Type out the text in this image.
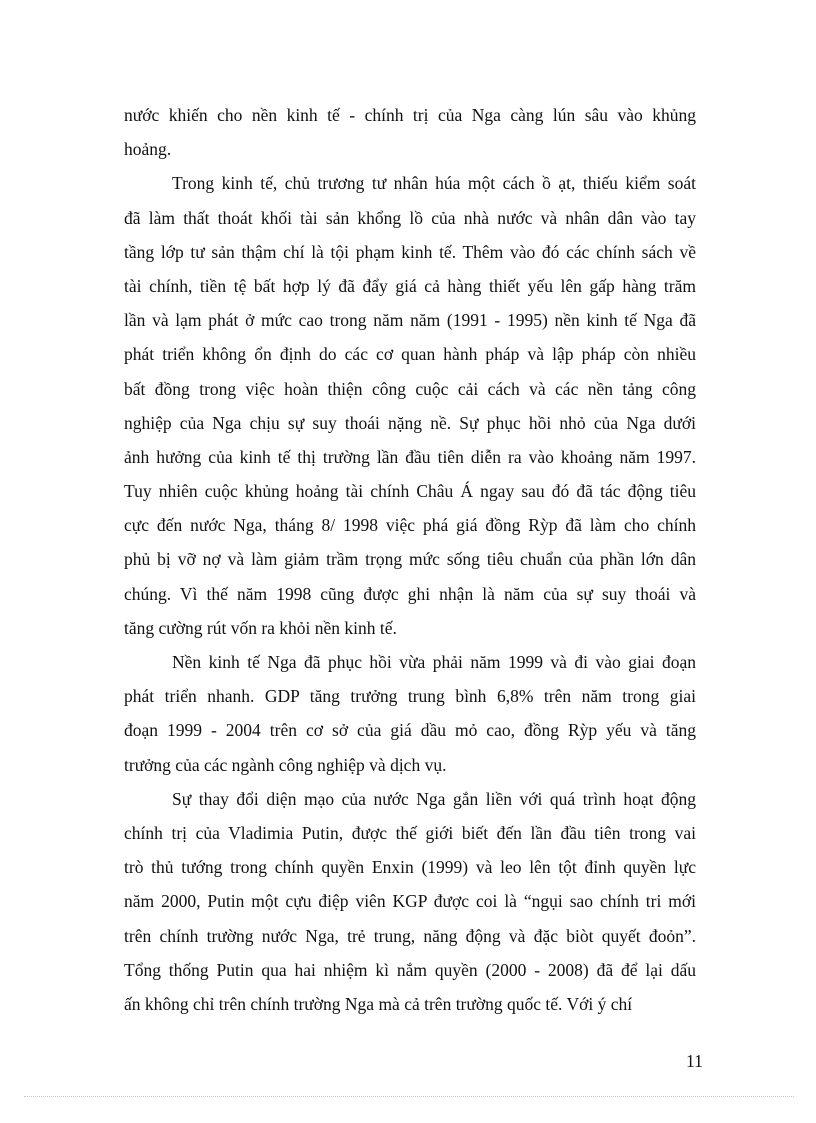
nước khiến cho nền kinh tế - chính trị của Nga càng lún sâu vào khủng
hoảng.
Trong kinh tế, chủ trương tư nhân húa một cách ồ ạt, thiếu kiểm soát
đã làm thất thoát khối tài sản khổng lồ của nhà nước và nhân dân vào tay
tầng lớp tư sản thậm chí là tội phạm kinh tế. Thêm vào đó các chính sách về
tài chính, tiền tệ bất hợp lý đã đẩy giá cả hàng thiết yếu lên gấp hàng trăm
lần và lạm phát ở mức cao trong năm năm (1991 - 1995) nền kinh tế Nga đã
phát triển không ổn định do các cơ quan hành pháp và lập pháp còn nhiều
bất đồng trong việc hoàn thiện công cuộc cải cách và các nền tảng công
nghiệp của Nga chịu sự suy thoái nặng nề. Sự phục hồi nhỏ của Nga dưới
ảnh hưởng của kinh tế thị trường lần đầu tiên diễn ra vào khoảng năm 1997.
Tuy nhiên cuộc khủng hoảng tài chính Châu Á ngay sau đó đã tác động tiêu
cực đến nước Nga, tháng 8/ 1998 việc phá giá đồng Rỳp đã làm cho chính
phủ bị vỡ nợ và làm giảm trầm trọng mức sống tiêu chuẩn của phần lớn dân
chúng. Vì thế năm 1998 cũng được ghi nhận là năm của sự suy thoái và
tăng cường rút vốn ra khỏi nền kinh tế.
Nền kinh tế Nga đã phục hồi vừa phải năm 1999 và đi vào giai đoạn
phát triển nhanh. GDP tăng trưởng trung bình 6,8% trên năm trong giai
đoạn 1999 - 2004 trên cơ sở của giá dầu mỏ cao, đồng Rỳp yếu và tăng
trưởng của các ngành công nghiệp và dịch vụ.
Sự thay đổi diện mạo của nước Nga gắn liền với quá trình hoạt động
chính trị của Vladimia Putin, được thế giới biết đến lần đầu tiên trong vai
trò thủ tướng trong chính quyền Enxin (1999) và leo lên tột đỉnh quyền lực
năm 2000, Putin một cựu điệp viên KGP được coi là “ngụi sao chính tri mới
trên chính trường nước Nga, trẻ trung, năng động và đặc biòt quyết đoỏn”.
Tổng thống Putin qua hai nhiệm kì nắm quyền (2000 - 2008) đã để lại dấu
ấn không chỉ trên chính trường Nga mà cả trên trường quốc tế. Với ý chí
11
